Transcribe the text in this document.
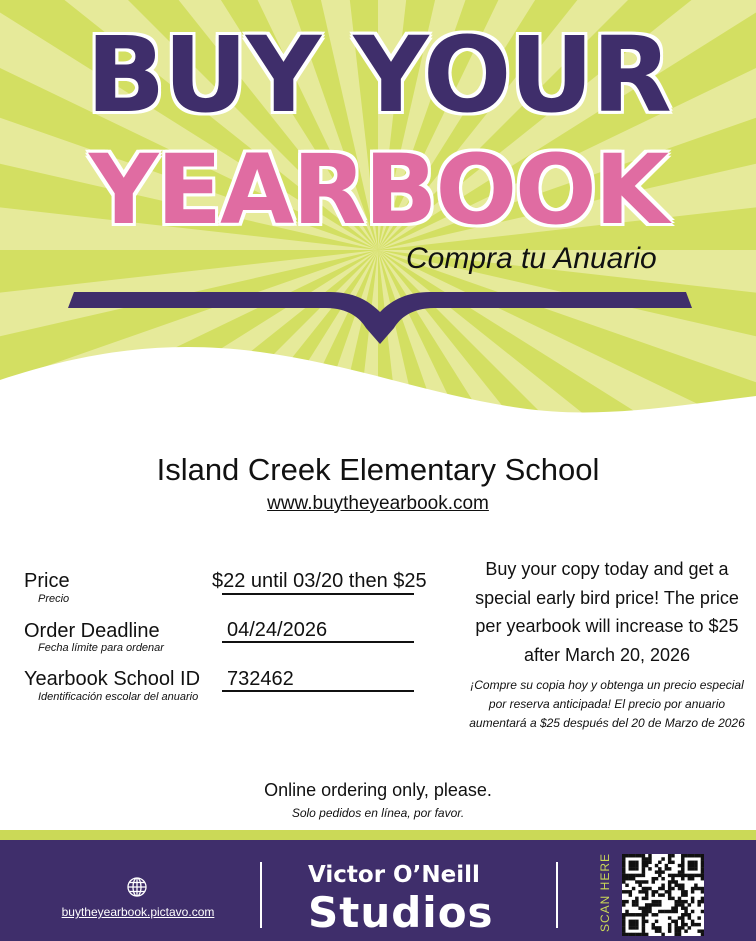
BUY YOUR
YEARBOOK
Compra tu Anuario
Island Creek Elementary School
www.buytheyearbook.com
Price
Precio
$22 until 03/20 then $25
Order Deadline
Fecha límite para ordenar
04/24/2026
Yearbook School ID
Identificación escolar del anuario
732462
Buy your copy today and get a special early bird price! The price per yearbook will increase to $25 after March 20, 2026
¡Compre su copia hoy y obtenga un precio especial por reserva anticipada! El precio por anuario aumentará a $25 después del 20 de Marzo de 2026
Online ordering only, please.
Solo pedidos en línea, por favor.
buytheyearbook.pictavo.com
Victor O’Neill
Studios	SCAN HERE
